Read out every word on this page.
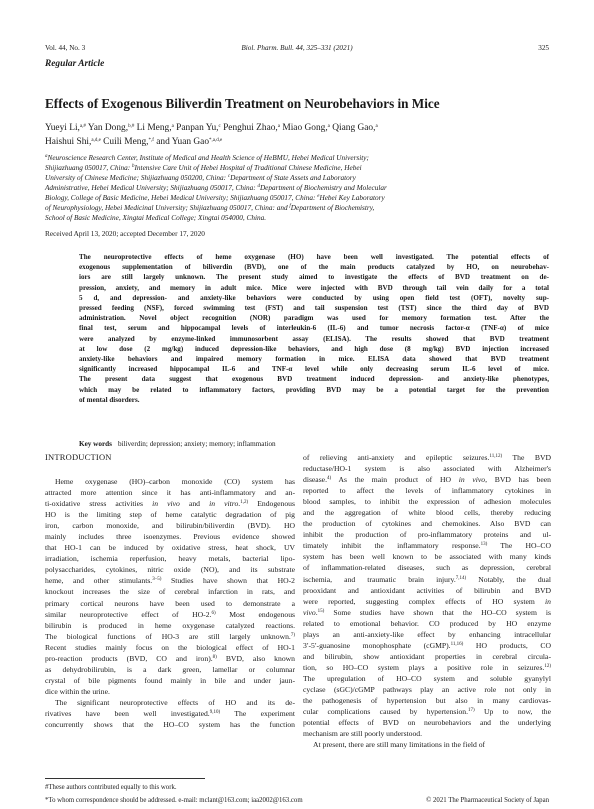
Vol. 44, No. 3	Biol. Pharm. Bull. 44, 325–331 (2021)	325
Regular Article
Effects of Exogenous Biliverdin Treatment on Neurobehaviors in Mice
Yueyi Li,$^{a,\#}$ Yan Dong,$^{b,\#}$ Li Meng,$^a$ Panpan Yu,$^c$ Penghui Zhao,$^a$ Miao Gong,$^a$ Qiang Gao,$^a$
Haishui Shi,$^{a,d,e}$ Cuili Meng,$^{*,f}$ and Yuan Gao$^{*,a,d,e}$
$^a$Neuroscience Research Center, Institute of Medical and Health Science of HeBMU, Hebei Medical University;
Shijiazhuang 050017, China: $^b$Intensive Care Unit of Hebei Hospital of Traditional Chinese Medicine, Hebei
University of Chinese Medicine; Shijiazhuang 050200, China: $^c$Department of State Assets and Laboratory
Administrative, Hebei Medical University; Shijiazhuang 050017, China: $^d$Department of Biochemistry and Molecular
Biology, College of Basic Medicine, Hebei Medical University; Shijiazhuang 050017, China: $^e$Hebei Key Laboratory
of Neurophysiology, Hebei Medicinal University; Shijiazhuang 050017, China: and $^f$Department of Biochemistry,
School of Basic Medicine, Xingtai Medical College; Xingtai 054000, China.
Received April 13, 2020; accepted December 17, 2020
The neuroprotective effects of heme oxygenase (HO) have been well investigated. The potential effects of
exogenous supplementation of biliverdin (BVD), one of the main products catalyzed by HO, on neurobehav-
iors are still largely unknown. The present study aimed to investigate the effects of BVD treatment on de-
pression, anxiety, and memory in adult mice. Mice were injected with BVD through tail vein daily for a total
5 d, and depression- and anxiety-like behaviors were conducted by using open field test (OFT), novelty sup-
pressed feeding (NSF), forced swimming test (FST) and tail suspension test (TST) since the third day of BVD
administration. Novel object recognition (NOR) paradigm was used for memory formation test. After the
final test, serum and hippocampal levels of interleukin-6 (IL-6) and tumor necrosis factor-α (TNF-α) of mice
were analyzed by enzyme-linked immunosorbent assay (ELISA). The results showed that BVD treatment
at low dose (2 mg/kg) induced depression-like behaviors, and high dose (8 mg/kg) BVD injection increased
anxiety-like behaviors and impaired memory formation in mice. ELISA data showed that BVD treatment
significantly increased hippocampal IL-6 and TNF-α level while only decreasing serum IL-6 level of mice.
The present data suggest that exogenous BVD treatment induced depression- and anxiety-like phenotypes,
which may be related to inflammatory factors, providing BVD may be a potential target for the prevention
of mental disorders.
Key words biliverdin; depression; anxiety; memory; inflammation
INTRODUCTION
Heme oxygenase (HO)–carbon monoxide (CO) system has
attracted more attention since it has anti-inflammatory and an-
ti-oxidative stress activities in vivo and in vitro.$^{1,2)}$ Endogenous
HO is the limiting step of heme catalytic degradation of pig
iron, carbon monoxide, and bilirubin/biliverdin (BVD). HO
mainly includes three isoenzymes. Previous evidence showed
that HO-1 can be induced by oxidative stress, heat shock, UV
irradiation, ischemia reperfusion, heavy metals, bacterial lipo-
polysaccharides, cytokines, nitric oxide (NO), and its substrate
heme, and other stimulants.$^{3-5)}$ Studies have shown that HO-2
knockout increases the size of cerebral infarction in rats, and
primary cortical neurons have been used to demonstrate a
similar neuroprotective effect of HO-2.$^{6)}$ Most endogenous
bilirubin is produced in heme oxygenase catalyzed reactions.
The biological functions of HO-3 are still largely unknown.$^{7)}$
Recent studies mainly focus on the biological effect of HO-1
pro-reaction products (BVD, CO and iron).$^{8)}$ BVD, also known
as dehydrobilirubin, is a dark green, lamellar or columnar
crystal of bile pigments found mainly in bile and under jaun-
dice within the urine.
The significant neuroprotective effects of HO and its de-
rivatives have been well investigated.$^{9,10)}$ The experiment
concurrently shows that the HO–CO system has the function
of relieving anti-anxiety and epileptic seizures.$^{11,12)}$ The BVD
reductase/HO-1 system is also associated with Alzheimer's
disease.$^{4)}$ As the main product of HO in vivo, BVD has been
reported to affect the levels of inflammatory cytokines in
blood samples, to inhibit the expression of adhesion molecules
and the aggregation of white blood cells, thereby reducing
the production of cytokines and chemokines. Also BVD can
inhibit the production of pro-inflammatory proteins and ul-
timately inhibit the inflammatory response.$^{13)}$ The HO–CO
system has been well known to be associated with many kinds
of inflammation-related diseases, such as depression, cerebral
ischemia, and traumatic brain injury.$^{7,14)}$ Notably, the dual
prooxidant and antioxidant activities of bilirubin and BVD
were reported, suggesting complex effects of HO system in
vivo.$^{15)}$ Some studies have shown that the HO–CO system is
related to emotional behavior. CO produced by HO enzyme
plays an anti-anxiety-like effect by enhancing intracellular
3′-5′-guanosine monophosphate (cGMP).$^{11,16)}$ HO products, CO
and bilirubin, show antioxidant properties in cerebral circula-
tion, so HO–CO system plays a positive role in seizures.$^{12)}$
The upregulation of HO–CO system and soluble gyanylyl
cyclase (sGC)/cGMP pathways play an active role not only in
the pathogenesis of hypertension but also in many cardiovas-
cular complications caused by hypertension.$^{17)}$ Up to now, the
potential effects of BVD on neurobehaviors and the underlying
mechanism are still poorly understood.
At present, there are still many limitations in the field of
#These authors contributed equally to this work.
*To whom correspondence should be addressed. e-mail: mclant@163.com; iaa2002@163.com	© 2021 The Pharmaceutical Society of Japan
